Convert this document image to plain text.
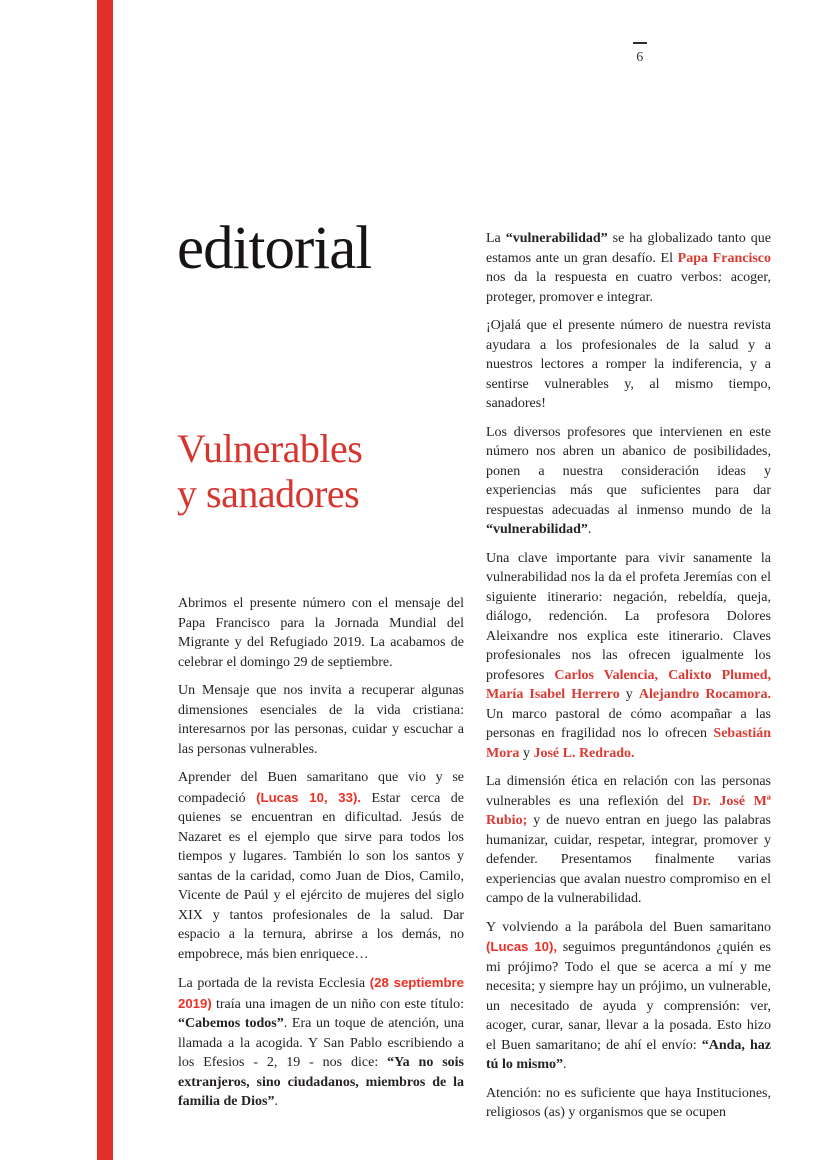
6
editorial
Vulnerables
y sanadores

Abrimos el presente número con el mensaje del Papa Francisco para la Jornada Mundial del Migrante y del Refugiado 2019. La acabamos de celebrar el domingo 29 de septiembre.

Un Mensaje que nos invita a recuperar algunas dimensiones esenciales de la vida cristiana: interesarnos por las personas, cuidar y escuchar a las personas vulnerables.

Aprender del Buen samaritano que vio y se compadeció (Lucas 10, 33). Estar cerca de quienes se encuentran en dificultad. Jesús de Nazaret es el ejemplo que sirve para todos los tiempos y lugares. También lo son los santos y santas de la caridad, como Juan de Dios, Camilo, Vicente de Paúl y el ejército de mujeres del siglo XIX y tantos profesionales de la salud. Dar espacio a la ternura, abrirse a los demás, no empobrece, más bien enriquece…

La portada de la revista Ecclesia (28 septiembre 2019) traía una imagen de un niño con este título: “Cabemos todos”. Era un toque de atención, una llamada a la acogida. Y San Pablo escribiendo a los Efesios - 2, 19 - nos dice: “Ya no sois extranjeros, sino ciudadanos, miembros de la familia de Dios”.

La “vulnerabilidad” se ha globalizado tanto que estamos ante un gran desafío. El Papa Francisco nos da la respuesta en cuatro verbos: acoger, proteger, promover e integrar.

¡Ojalá que el presente número de nuestra revista ayudara a los profesionales de la salud y a nuestros lectores a romper la indiferencia, y a sentirse vulnerables y, al mismo tiempo, sanadores!

Los diversos profesores que intervienen en este número nos abren un abanico de posibilidades, ponen a nuestra consideración ideas y experiencias más que suficientes para dar respuestas adecuadas al inmenso mundo de la “vulnerabilidad”.

Una clave importante para vivir sanamente la vulnerabilidad nos la da el profeta Jeremías con el siguiente itinerario: negación, rebeldía, queja, diálogo, redención. La profesora Dolores Aleixandre nos explica este itinerario. Claves profesionales nos las ofrecen igualmente los profesores Carlos Valencia, Calixto Plumed, María Isabel Herrero y Alejandro Rocamora. Un marco pastoral de cómo acompañar a las personas en fragilidad nos lo ofrecen Sebastián Mora y José L. Redrado.

La dimensión ética en relación con las personas vulnerables es una reflexión del Dr. José Mª Rubio; y de nuevo entran en juego las palabras humanizar, cuidar, respetar, integrar, promover y defender. Presentamos finalmente varias experiencias que avalan nuestro compromiso en el campo de la vulnerabilidad.

Y volviendo a la parábola del Buen samaritano (Lucas 10), seguimos preguntándonos ¿quién es mi prójimo? Todo el que se acerca a mí y me necesita; y siempre hay un prójimo, un vulnerable, un necesitado de ayuda y comprensión: ver, acoger, curar, sanar, llevar a la posada. Esto hizo el Buen samaritano; de ahí el envío: “Anda, haz tú lo mismo”.

Atención: no es suficiente que haya Instituciones, religiosos (as) y organismos que se ocupen
